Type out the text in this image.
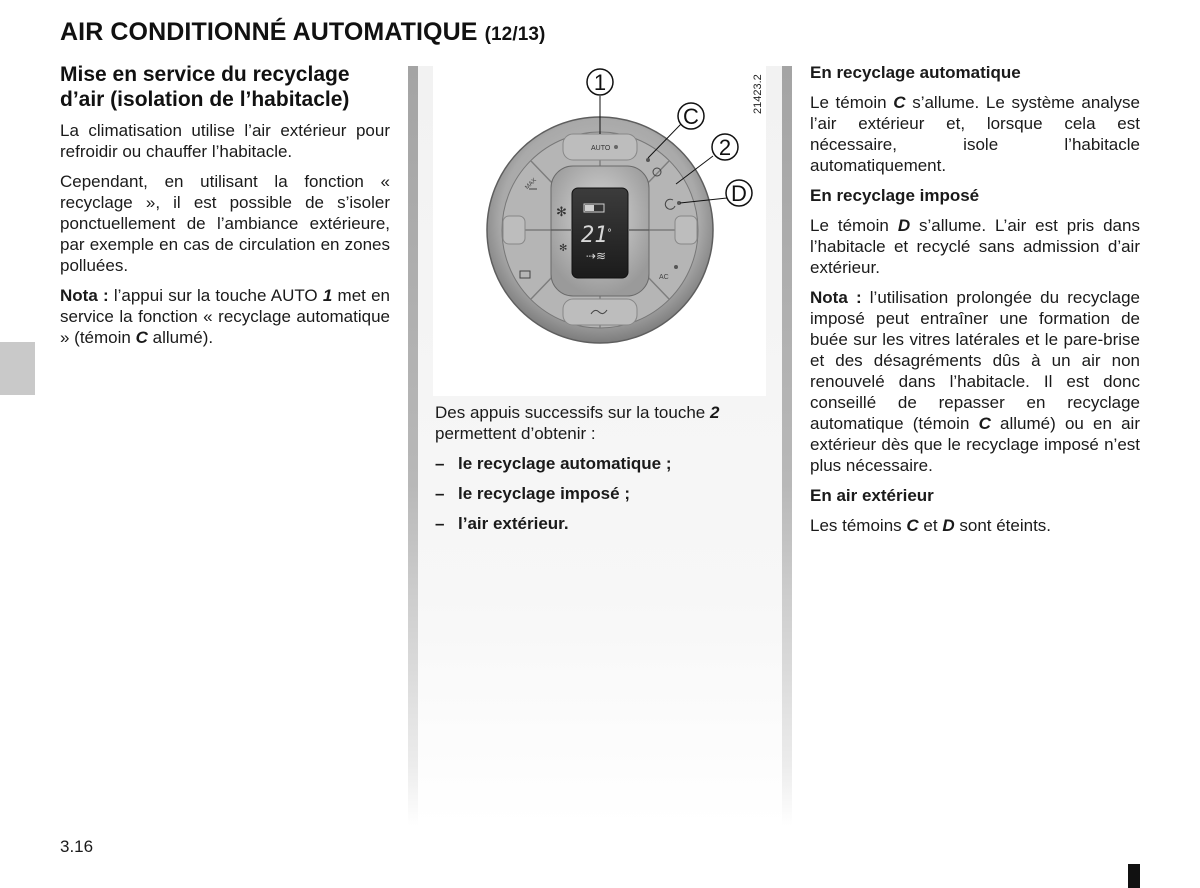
AIR CONDITIONNÉ AUTOMATIQUE (12/13)
Mise en service du recyclage
d’air (isolation de l’habitacle)

La climatisation utilise l’air extérieur pour refroidir ou chauffer l’habitacle.

Cependant, en utilisant la fonction « recyclage », il est possible de s’isoler ponctuellement de l’ambiance extérieure, par exemple en cas de circulation en zones polluées.

Nota : l’appui sur la touche AUTO 1 met en service la fonction « recyclage automatique » (témoin C allumé).

AUTO
MAX
AC
✻
✻
21 °
⇢≋
1
C
2
D
21423.2

Des appuis successifs sur la touche 2 permettent d’obtenir :

– le recyclage automatique ;
– le recyclage imposé ;
– l’air extérieur.

En recyclage automatique

Le témoin C s’allume. Le système analyse l’air extérieur et, lorsque cela est nécessaire, isole l’habitacle automatiquement.

En recyclage imposé

Le témoin D s’allume. L’air est pris dans l’habitacle et recyclé sans admission d’air extérieur.

Nota : l’utilisation prolongée du recyclage imposé peut entraîner une formation de buée sur les vitres latérales et le pare-brise et des désagréments dûs à un air non renouvelé dans l’habitacle. Il est donc conseillé de repasser en recyclage automatique (témoin C allumé) ou en air extérieur dès que le recyclage imposé n’est plus nécessaire.

En air extérieur

Les témoins C et D sont éteints.

3.16
